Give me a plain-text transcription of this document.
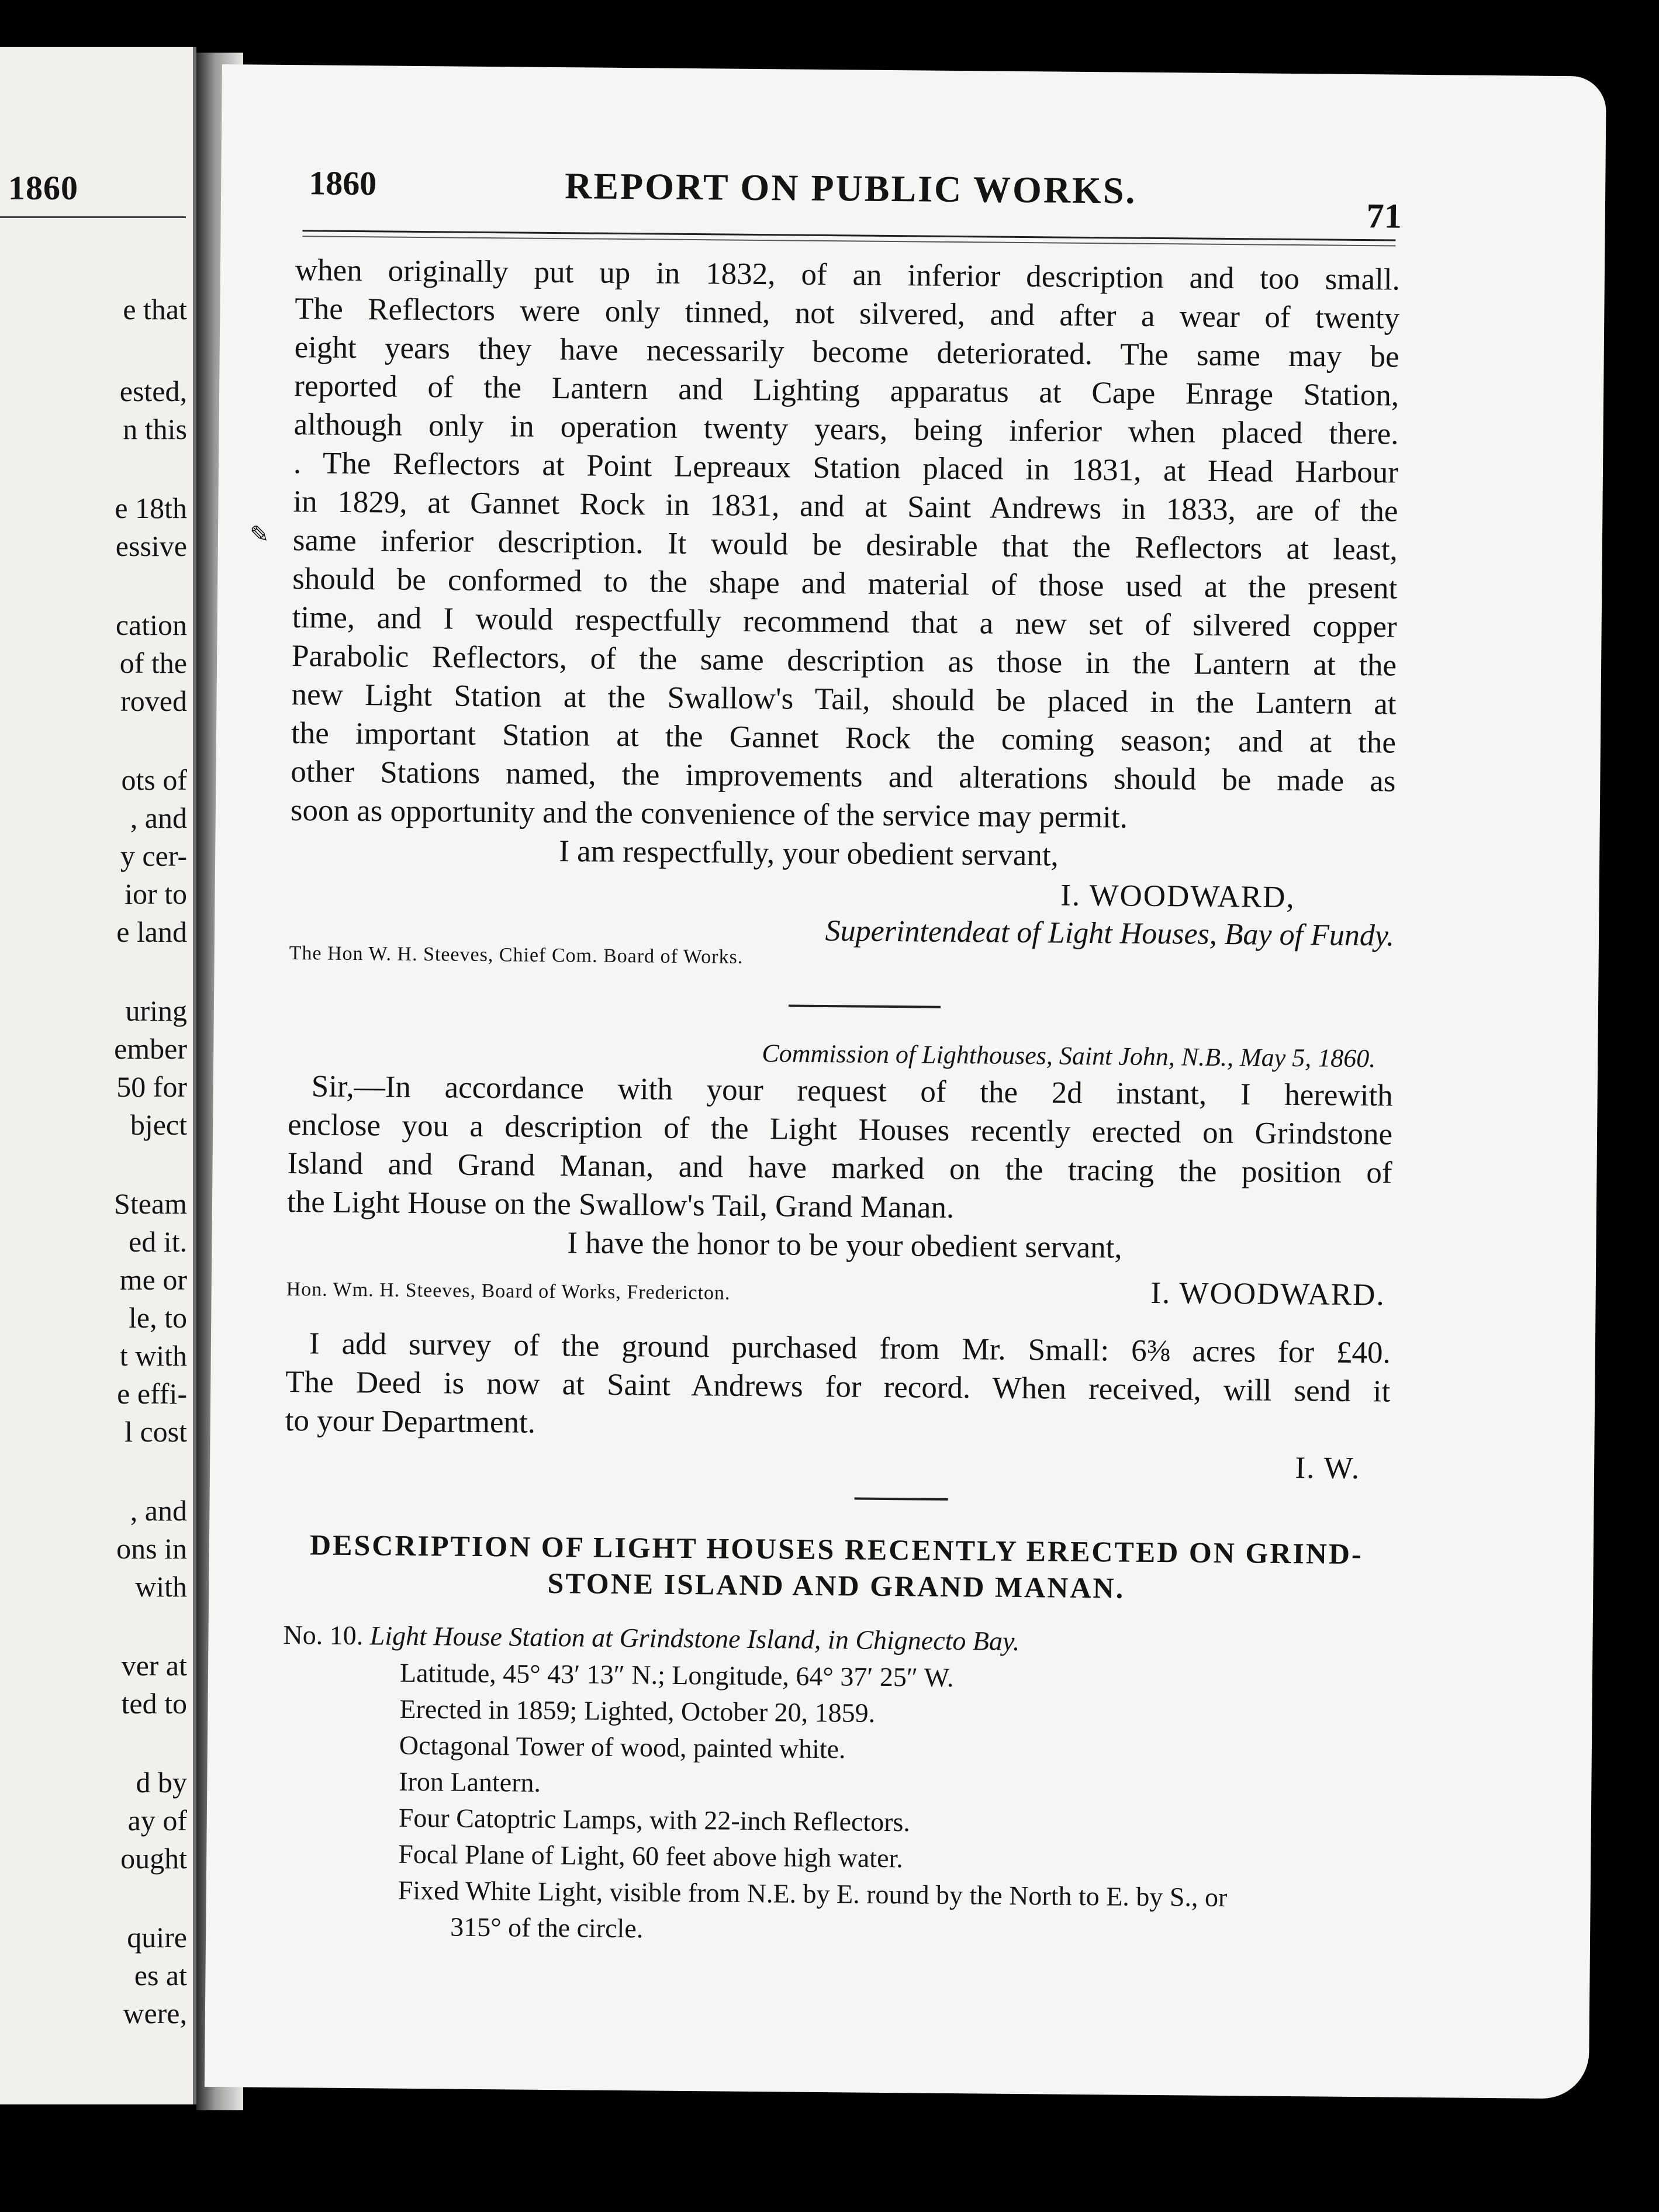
1860
e that
ested,
n this
e 18th
essive
cation
of the
roved
ots of
, and
y cer-
ior to
e land
uring
ember
50 for
bject
Steam
ed it.
me or
le, to
t with
e effi-
l cost
, and
ons in
with
ver at
ted to
d by
ay of
ought
quire
es at
were,
1860	REPORT ON PUBLIC WORKS.
71
when originally put up in 1832, of an inferior description and too small.
The Reflectors were only tinned, not silvered, and after a wear of twenty
eight years they have necessarily become deteriorated. The same may be
reported of the Lantern and Lighting apparatus at Cape Enrage Station,
although only in operation twenty years, being inferior when placed there.
. The Reflectors at Point Lepreaux Station placed in 1831, at Head Harbour
in 1829, at Gannet Rock in 1831, and at Saint Andrews in 1833, are of the
same inferior description. It would be desirable that the Reflectors at least,
should be conformed to the shape and material of those used at the present
time, and I would respectfully recommend that a new set of silvered copper
Parabolic Reflectors, of the same description as those in the Lantern at the
new Light Station at the Swallow's Tail, should be placed in the Lantern at
the important Station at the Gannet Rock the coming season; and at the
other Stations named, the improvements and alterations should be made as
soon as opportunity and the convenience of the service may permit.
I am respectfully, your obedient servant,
I. WOODWARD,
Superintendeat of Light Houses, Bay of Fundy.
The Hon W. H. Steeves, Chief Com. Board of Works.
Commission of Lighthouses, Saint John, N.B., May 5, 1860.
Sir,—In accordance with your request of the 2d instant, I herewith
enclose you a description of the Light Houses recently erected on Grindstone
Island and Grand Manan, and have marked on the tracing the position of
the Light House on the Swallow's Tail, Grand Manan.
I have the honor to be your obedient servant,
Hon. Wm. H. Steeves, Board of Works, Fredericton.	I. WOODWARD.
I add survey of the ground purchased from Mr. Small: 6⅜ acres for £40.
The Deed is now at Saint Andrews for record. When received, will send it
to your Department.
I. W.
DESCRIPTION OF LIGHT HOUSES RECENTLY ERECTED ON GRIND-
STONE ISLAND AND GRAND MANAN.
No. 10. Light House Station at Grindstone Island, in Chignecto Bay.
Latitude, 45° 43′ 13″ N.; Longitude, 64° 37′ 25″ W.
Erected in 1859; Lighted, October 20, 1859.
Octagonal Tower of wood, painted white.
Iron Lantern.
Four Catoptric Lamps, with 22-inch Reflectors.
Focal Plane of Light, 60 feet above high water.
Fixed White Light, visible from N.E. by E. round by the North to E. by S., or
315° of the circle.
✎
